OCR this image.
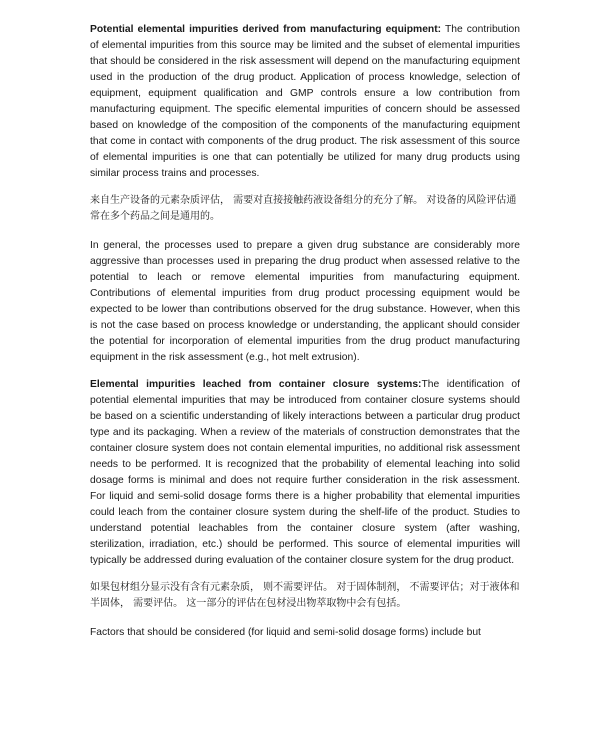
Potential elemental impurities derived from manufacturing equipment: The contribution of elemental impurities from this source may be limited and the subset of elemental impurities that should be considered in the risk assessment will depend on the manufacturing equipment used in the production of the drug product. Application of process knowledge, selection of equipment, equipment qualification and GMP controls ensure a low contribution from manufacturing equipment. The specific elemental impurities of concern should be assessed based on knowledge of the composition of the components of the manufacturing equipment that come in contact with components of the drug product. The risk assessment of this source of elemental impurities is one that can potentially be utilized for many drug products using similar process trains and processes.

来自生产设备的元素杂质评估， 需要对直接接触药液设备组分的充分了解。 对设备的风险评估通常在多个药品之间是通用的。

In general, the processes used to prepare a given drug substance are considerably more aggressive than processes used in preparing the drug product when assessed relative to the potential to leach or remove elemental impurities from manufacturing equipment. Contributions of elemental impurities from drug product processing equipment would be expected to be lower than contributions observed for the drug substance. However, when this is not the case based on process knowledge or understanding, the applicant should consider the potential for incorporation of elemental impurities from the drug product manufacturing equipment in the risk assessment (e.g., hot melt extrusion).

Elemental impurities leached from container closure systems:The identification of potential elemental impurities that may be introduced from container closure systems should be based on a scientific understanding of likely interactions between a particular drug product type and its packaging. When a review of the materials of construction demonstrates that the container closure system does not contain elemental impurities, no additional risk assessment needs to be performed. It is recognized that the probability of elemental leaching into solid dosage forms is minimal and does not require further consideration in the risk assessment. For liquid and semi-solid dosage forms there is a higher probability that elemental impurities could leach from the container closure system during the shelf-life of the product. Studies to understand potential leachables from the container closure system (after washing, sterilization, irradiation, etc.) should be performed. This source of elemental impurities will typically be addressed during evaluation of the container closure system for the drug product.

如果包材组分显示没有含有元素杂质， 则不需要评估。 对于固体制剂， 不需要评估；对于液体和半固体， 需要评估。 这一部分的评估在包材浸出物萃取物中会有包括。

Factors that should be considered (for liquid and semi-solid dosage forms) include but
